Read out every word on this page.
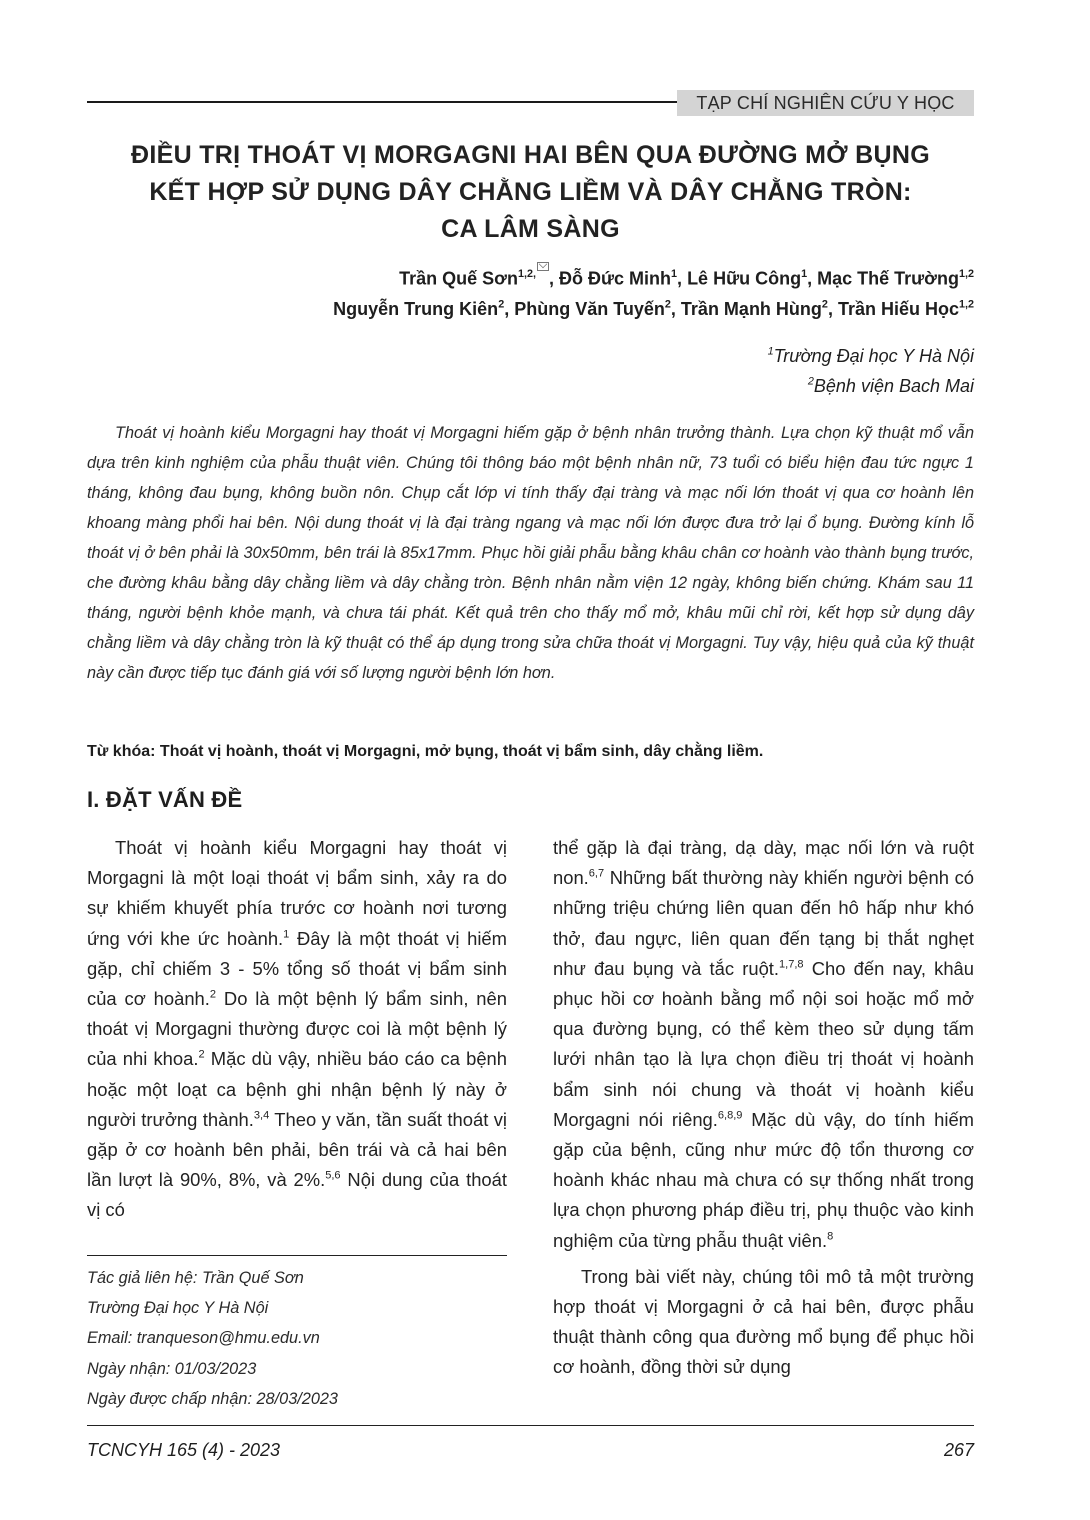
TẠP CHÍ NGHIÊN CỨU Y HỌC
ĐIỀU TRỊ THOÁT VỊ MORGAGNI HAI BÊN QUA ĐƯỜNG MỞ BỤNG
KẾT HỢP SỬ DỤNG DÂY CHẰNG LIỀM VÀ DÂY CHẰNG TRÒN:
CA LÂM SÀNG
Trần Quế Sơn$^{1,2,}$ , Đỗ Đức Minh$^1$, Lê Hữu Công$^1$, Mạc Thế Trường$^{1,2}$
Nguyễn Trung Kiên$^2$, Phùng Văn Tuyến$^2$, Trần Mạnh Hùng$^2$, Trần Hiếu Học$^{1,2}$
$^1$Trường Đại học Y Hà Nội
$^2$Bệnh viện Bach Mai
Thoát vị hoành kiểu Morgagni hay thoát vị Morgagni hiếm gặp ở bệnh nhân trưởng thành. Lựa chọn kỹ thuật mổ vẫn dựa trên kinh nghiệm của phẫu thuật viên. Chúng tôi thông báo một bệnh nhân nữ, 73 tuổi có biểu hiện đau tức ngực 1 tháng, không đau bụng, không buồn nôn. Chụp cắt lớp vi tính thấy đại tràng và mạc nối lớn thoát vị qua cơ hoành lên khoang màng phổi hai bên. Nội dung thoát vị là đại tràng ngang và mạc nối lớn được đưa trở lại ổ bụng. Đường kính lỗ thoát vị ở bên phải là 30x50mm, bên trái là 85x17mm. Phục hồi giải phẫu bằng khâu chân cơ hoành vào thành bụng trước, che đường khâu bằng dây chằng liềm và dây chằng tròn. Bệnh nhân nằm viện 12 ngày, không biến chứng. Khám sau 11 tháng, người bệnh khỏe mạnh, và chưa tái phát. Kết quả trên cho thấy mổ mở, khâu mũi chỉ rời, kết hợp sử dụng dây chằng liềm và dây chằng tròn là kỹ thuật có thể áp dụng trong sửa chữa thoát vị Morgagni. Tuy vậy, hiệu quả của kỹ thuật này cần được tiếp tục đánh giá với số lượng người bệnh lớn hơn.
Từ khóa: Thoát vị hoành, thoát vị Morgagni, mở bụng, thoát vị bẩm sinh, dây chằng liềm.
I. ĐẶT VẤN ĐỀ

Thoát vị hoành kiểu Morgagni hay thoát vị Morgagni là một loại thoát vị bẩm sinh, xảy ra do sự khiếm khuyết phía trước cơ hoành nơi tương ứng với khe ức hoành.$^1$ Đây là một thoát vị hiếm gặp, chỉ chiếm 3 - 5% tổng số thoát vị bẩm sinh của cơ hoành.$^2$ Do là một bệnh lý bẩm sinh, nên thoát vị Morgagni thường được coi là một bệnh lý của nhi khoa.$^2$ Mặc dù vậy, nhiều báo cáo ca bệnh hoặc một loạt ca bệnh ghi nhận bệnh lý này ở người trưởng thành.$^{3,4}$ Theo y văn, tần suất thoát vị gặp ở cơ hoành bên phải, bên trái và cả hai bên lần lượt là 90%, 8%, và 2%.$^{5,6}$ Nội dung của thoát vị có

Tác giả liên hệ: Trần Quế Sơn
Trường Đại học Y Hà Nội
Email: tranqueson@hmu.edu.vn
Ngày nhận: 01/03/2023
Ngày được chấp nhận: 28/03/2023

thể gặp là đại tràng, dạ dày, mạc nối lớn và ruột non.$^{6,7}$ Những bất thường này khiến người bệnh có những triệu chứng liên quan đến hô hấp như khó thở, đau ngực, liên quan đến tạng bị thắt nghẹt như đau bụng và tắc ruột.$^{1,7,8}$ Cho đến nay, khâu phục hồi cơ hoành bằng mổ nội soi hoặc mổ mở qua đường bụng, có thể kèm theo sử dụng tấm lưới nhân tạo là lựa chọn điều trị thoát vị hoành bẩm sinh nói chung và thoát vị hoành kiểu Morgagni nói riêng.$^{6,8,9}$ Mặc dù vậy, do tính hiếm gặp của bệnh, cũng như mức độ tổn thương cơ hoành khác nhau mà chưa có sự thống nhất trong lựa chọn phương pháp điều trị, phụ thuộc vào kinh nghiệm của từng phẫu thuật viên.$^8$

Trong bài viết này, chúng tôi mô tả một trường hợp thoát vị Morgagni ở cả hai bên, được phẫu thuật thành công qua đường mổ bụng để phục hồi cơ hoành, đồng thời sử dụng

TCNCYH 165 (4) - 2023	267
